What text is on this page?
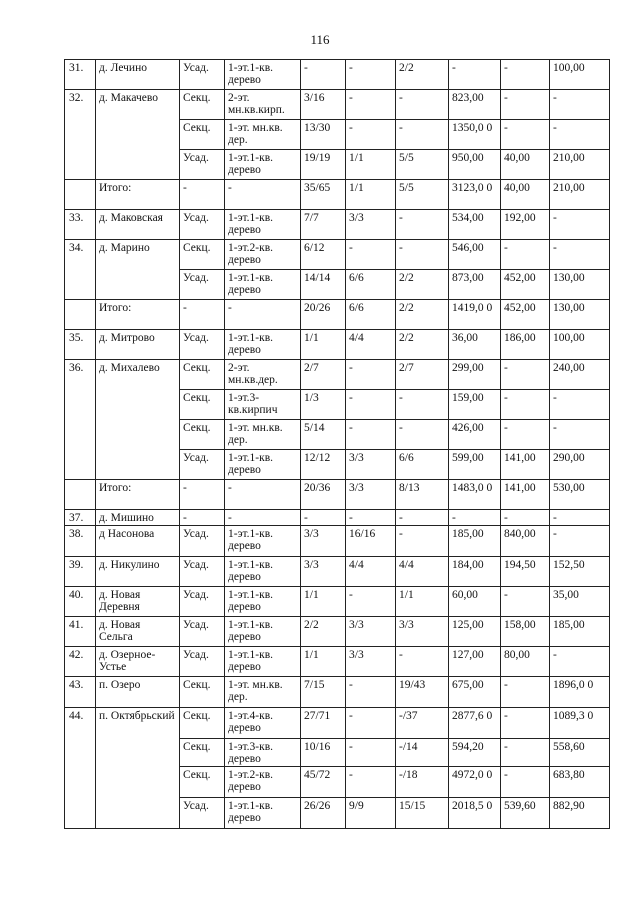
116
31.	д. Лечино	Усад.	1-эт.1-кв. дерево	-	-	2/2	-	-	100,00
32.	д. Макачево	Секц.	2-эт. мн.кв.кирп.	3/16	-	-	823,00	-	-
		Секц.	1-эт. мн.кв. дер.	13/30	-	-	1350,0 0	-	-
		Усад.	1-эт.1-кв. дерево	19/19	1/1	5/5	950,00	40,00	210,00
	Итого:	-	-	35/65	1/1	5/5	3123,0 0	40,00	210,00
33.	д. Маковская	Усад.	1-эт.1-кв. дерево	7/7	3/3	-	534,00	192,00	-
34.	д. Марино	Секц.	1-эт.2-кв. дерево	6/12	-	-	546,00	-	-
		Усад.	1-эт.1-кв. дерево	14/14	6/6	2/2	873,00	452,00	130,00
	Итого:	-	-	20/26	6/6	2/2	1419,0 0	452,00	130,00
35.	д. Митрово	Усад.	1-эт.1-кв. дерево	1/1	4/4	2/2	36,00	186,00	100,00
36.	д. Михалево	Секц.	2-эт. мн.кв.дер.	2/7	-	2/7	299,00	-	240,00
		Секц.	1-эт.3-кв.кирпич	1/3	-	-	159,00	-	-
		Секц.	1-эт. мн.кв. дер.	5/14	-	-	426,00	-	-
		Усад.	1-эт.1-кв. дерево	12/12	3/3	6/6	599,00	141,00	290,00
	Итого:	-	-	20/36	3/3	8/13	1483,0 0	141,00	530,00
37.	д. Мишино	-	-	-	-	-	-	-	-
38.	д Насонова	Усад.	1-эт.1-кв. дерево	3/3	16/16	-	185,00	840,00	-
39.	д. Никулино	Усад.	1-эт.1-кв. дерево	3/3	4/4	4/4	184,00	194,50	152,50
40.	д. Новая Деревня	Усад.	1-эт.1-кв. дерево	1/1	-	1/1	60,00	-	35,00
41.	д. Новая Сельга	Усад.	1-эт.1-кв. дерево	2/2	3/3	3/3	125,00	158,00	185,00
42.	д. Озерное-Устье	Усад.	1-эт.1-кв. дерево	1/1	3/3	-	127,00	80,00	-
43.	п. Озеро	Секц.	1-эт. мн.кв. дер.	7/15	-	19/43	675,00	-	1896,0 0
44.	п. Октябрьский	Секц.	1-эт.4-кв. дерево	27/71	-	-/37	2877,6 0	-	1089,3 0
		Секц.	1-эт.3-кв. дерево	10/16	-	-/14	594,20	-	558,60
		Секц.	1-эт.2-кв. дерево	45/72	-	-/18	4972,0 0	-	683,80
		Усад.	1-эт.1-кв. дерево	26/26	9/9	15/15	2018,5 0	539,60	882,90
